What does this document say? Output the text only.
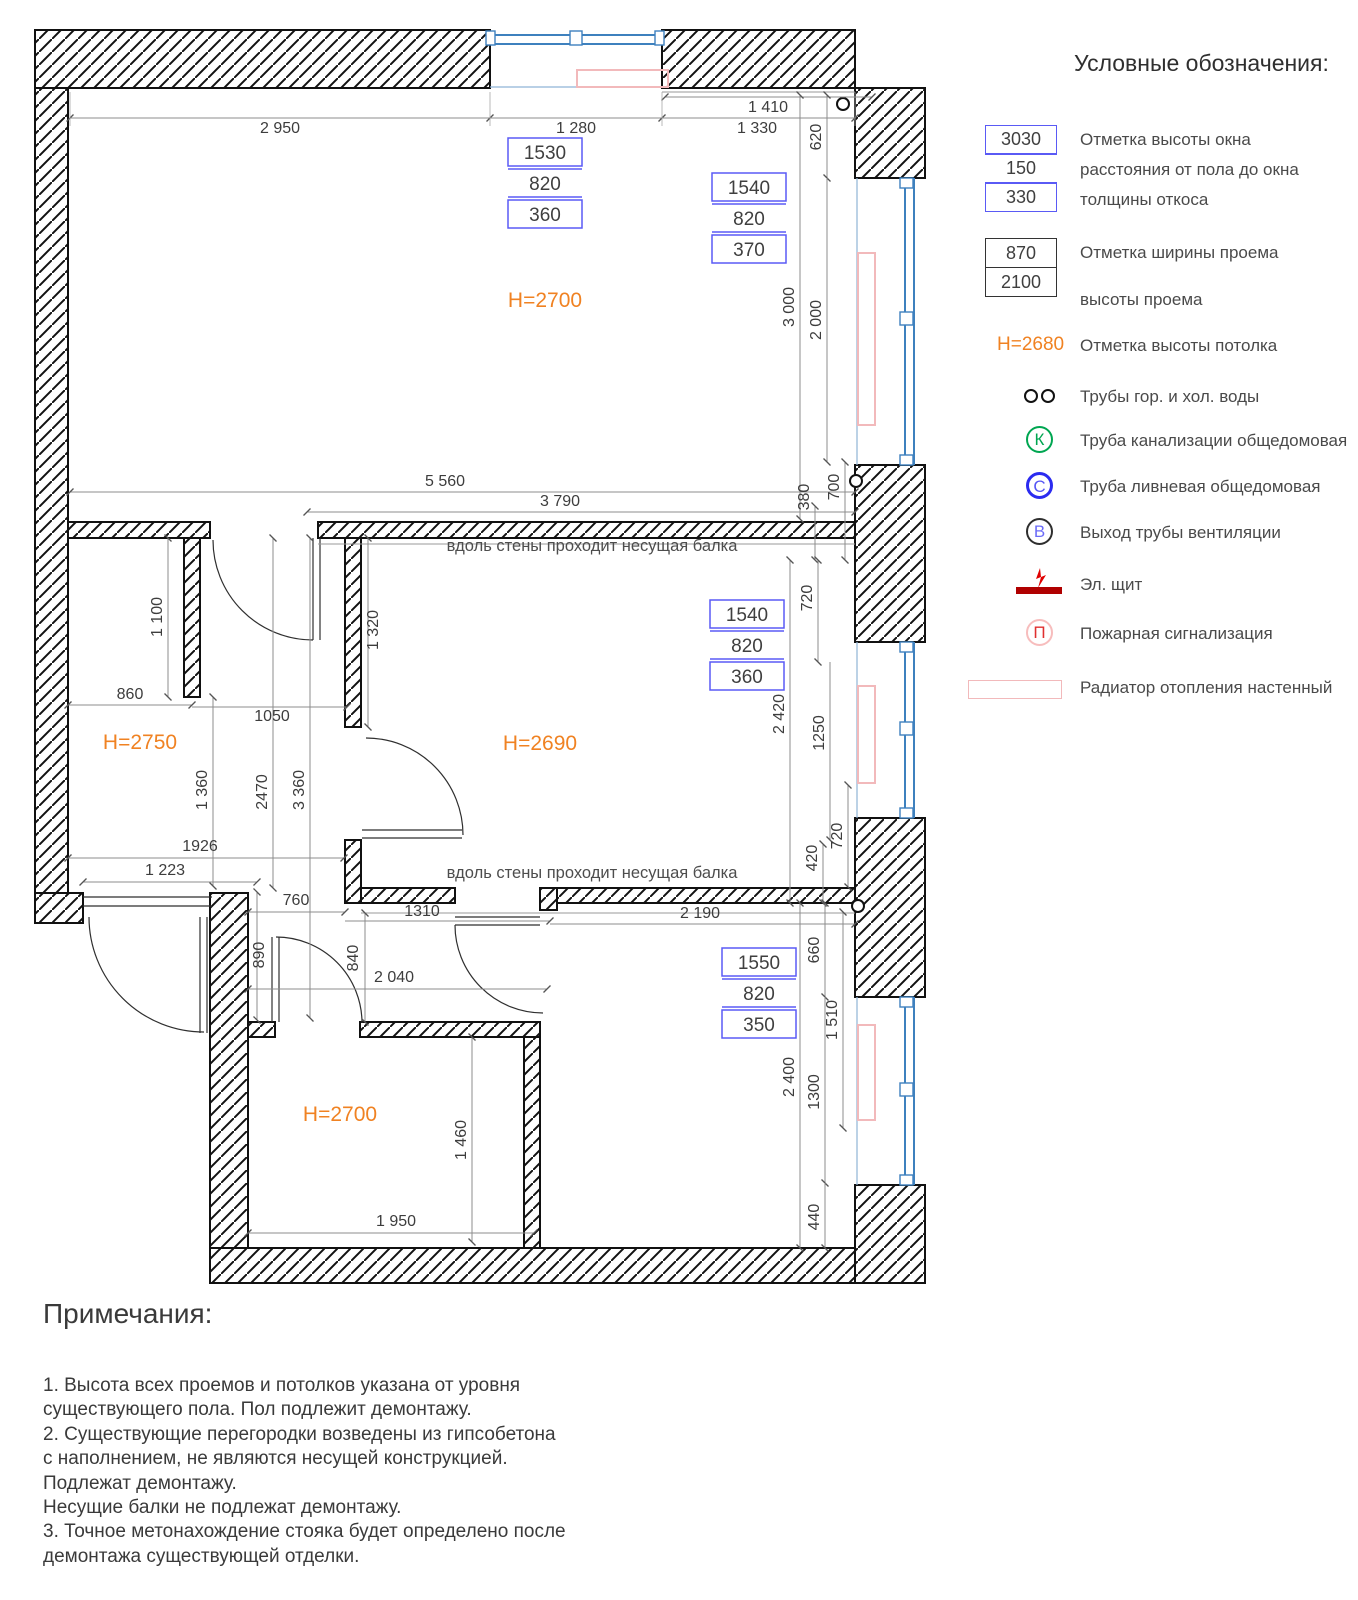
2 950	1 280	1 330
1 410
5 560
3 790
860
1050
1926
1 223
760
1310	2 190
2 040
1 950
620
3 000 2 000
700
380
1 100	1 320
2470
1 360	3 360
890	840
720
2 420 1250
420
720
660
1 510
2 400 1300
440
1 460
1530
820
360
1540
820
370
1540
820
360
1550
820
350
H=2700
H=2750	H=2690
H=2700
вдоль стены проходит несущая балка
вдоль стены проходит несущая балка
Условные обозначения:
3030
150
330
Отметка высоты окна
расстояния от пола до окна
толщины откоса
870
2100
Отметка ширины проема
высоты проема
H=2680 Отметка высоты потолка
Трубы гор. и хол. воды
К	Труба канализации общедомовая
С	Труба ливневая общедомовая
В	Выход трубы вентиляции
Эл. щит
П	Пожарная сигнализация
Радиатор отопления настенный
Примечания:
1. Высота всех проемов и потолков указана от уровня
существующего пола. Пол подлежит демонтажу.
2. Существующие перегородки возведены из гипсобетона
с наполнением, не являются несущей конструкцией.
Подлежат демонтажу.
Несущие балки не подлежат демонтажу.
3. Точное метонахождение стояка будет определено после
демонтажа существующей отделки.
